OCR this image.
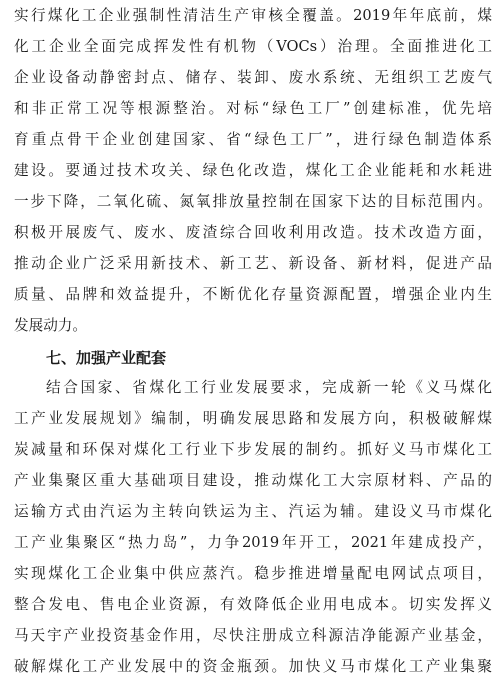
实行煤化工企业强制性清洁生产审核全覆盖。2019年年底前，煤
化工企业全面完成挥发性有机物（VOCs）治理。全面推进化工
企业设备动静密封点、储存、装卸、废水系统、无组织工艺废气
和非正常工况等根源整治。对标“绿色工厂”创建标准，优先培
育重点骨干企业创建国家、省“绿色工厂”，进行绿色制造体系
建设。要通过技术攻关、绿色化改造，煤化工企业能耗和水耗进
一步下降，二氧化硫、氮氧排放量控制在国家下达的目标范围内。
积极开展废气、废水、废渣综合回收利用改造。技术改造方面，
推动企业广泛采用新技术、新工艺、新设备、新材料，促进产品
质量、品牌和效益提升，不断优化存量资源配置，增强企业内生
发展动力。
七、加强产业配套
结合国家、省煤化工行业发展要求，完成新一轮《义马煤化
工产业发展规划》编制，明确发展思路和发展方向，积极破解煤
炭减量和环保对煤化工行业下步发展的制约。抓好义马市煤化工
产业集聚区重大基础项目建设，推动煤化工大宗原材料、产品的
运输方式由汽运为主转向铁运为主、汽运为辅。建设义马市煤化
工产业集聚区“热力岛”，力争2019年开工，2021年建成投产，
实现煤化工企业集中供应蒸汽。稳步推进增量配电网试点项目，
整合发电、售电企业资源，有效降低企业用电成本。切实发挥义
马天宇产业投资基金作用，尽快注册成立科源洁净能源产业基金，
破解煤化工产业发展中的资金瓶颈。加快义马市煤化工产业集聚
